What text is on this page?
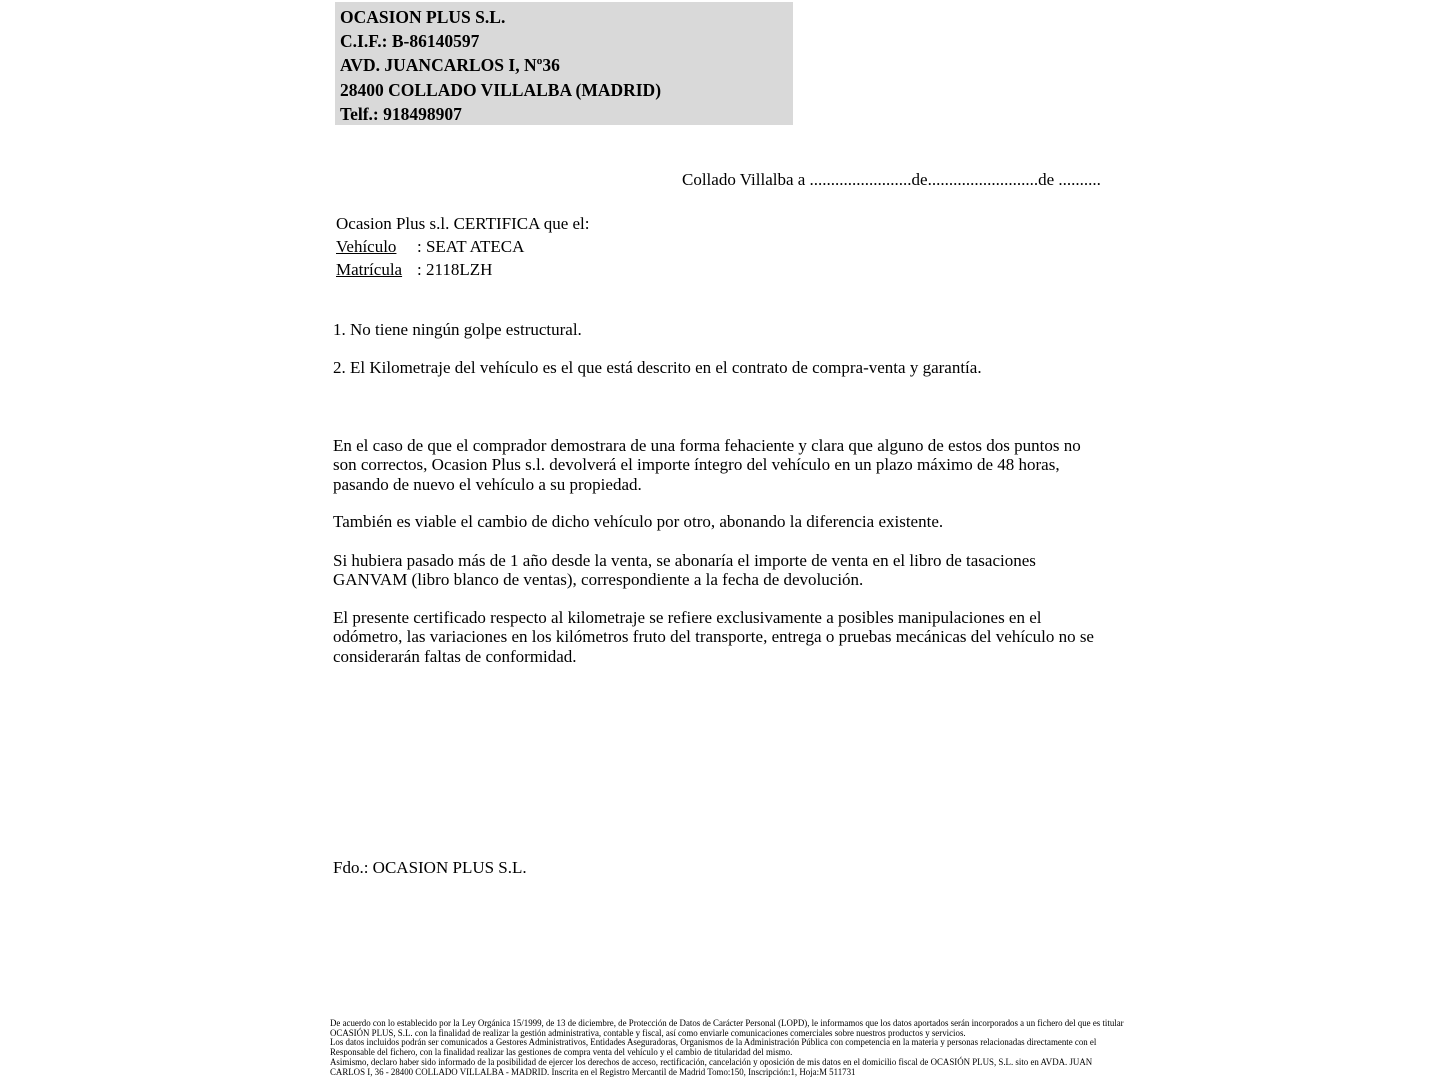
OCASION PLUS S.L.
C.I.F.: B-86140597
AVD. JUANCARLOS I, Nº36
28400 COLLADO VILLALBA (MADRID)
Telf.: 918498907
Collado Villalba a ........................de..........................de ..........
Ocasion Plus s.l. CERTIFICA que el:
Vehículo : SEAT ATECA
Matrícula : 2118LZH
1. No tiene ningún golpe estructural.
2. El Kilometraje del vehículo es el que está descrito en el contrato de compra-venta y garantía.
En el caso de que el comprador demostrara de una forma fehaciente y clara que alguno de estos dos puntos no son correctos, Ocasion Plus s.l. devolverá el importe íntegro del vehículo en un plazo máximo de 48 horas, pasando de nuevo el vehículo a su propiedad.
También es viable el cambio de dicho vehículo por otro, abonando la diferencia existente.
Si hubiera pasado más de 1 año desde la venta, se abonaría el importe de venta en el libro de tasaciones GANVAM (libro blanco de ventas), correspondiente a la fecha de devolución.
El presente certificado respecto al kilometraje se refiere exclusivamente a posibles manipulaciones en el odómetro, las variaciones en los kilómetros fruto del transporte, entrega o pruebas mecánicas del vehículo no se considerarán faltas de conformidad.
Fdo.: OCASION PLUS S.L.
De acuerdo con lo establecido por la Ley Orgánica 15/1999, de 13 de diciembre, de Protección de Datos de Carácter Personal (LOPD), le informamos que los datos aportados serán incorporados a un fichero del que es titular
OCASIÓN PLUS, S.L. con la finalidad de realizar la gestión administrativa, contable y fiscal, así como enviarle comunicaciones comerciales sobre nuestros productos y servicios.
Los datos incluidos podrán ser comunicados a Gestores Administrativos, Entidades Aseguradoras, Organismos de la Administración Pública con competencia en la materia y personas relacionadas directamente con el
Responsable del fichero, con la finalidad realizar las gestiones de compra venta del vehículo y el cambio de titularidad del mismo.
Asimismo, declaro haber sido informado de la posibilidad de ejercer los derechos de acceso, rectificación, cancelación y oposición de mis datos en el domicilio fiscal de OCASIÓN PLUS, S.L. sito en AVDA. JUAN
CARLOS I, 36 - 28400 COLLADO VILLALBA - MADRID. Inscrita en el Registro Mercantil de Madrid Tomo:150, Inscripción:1, Hoja:M 511731
